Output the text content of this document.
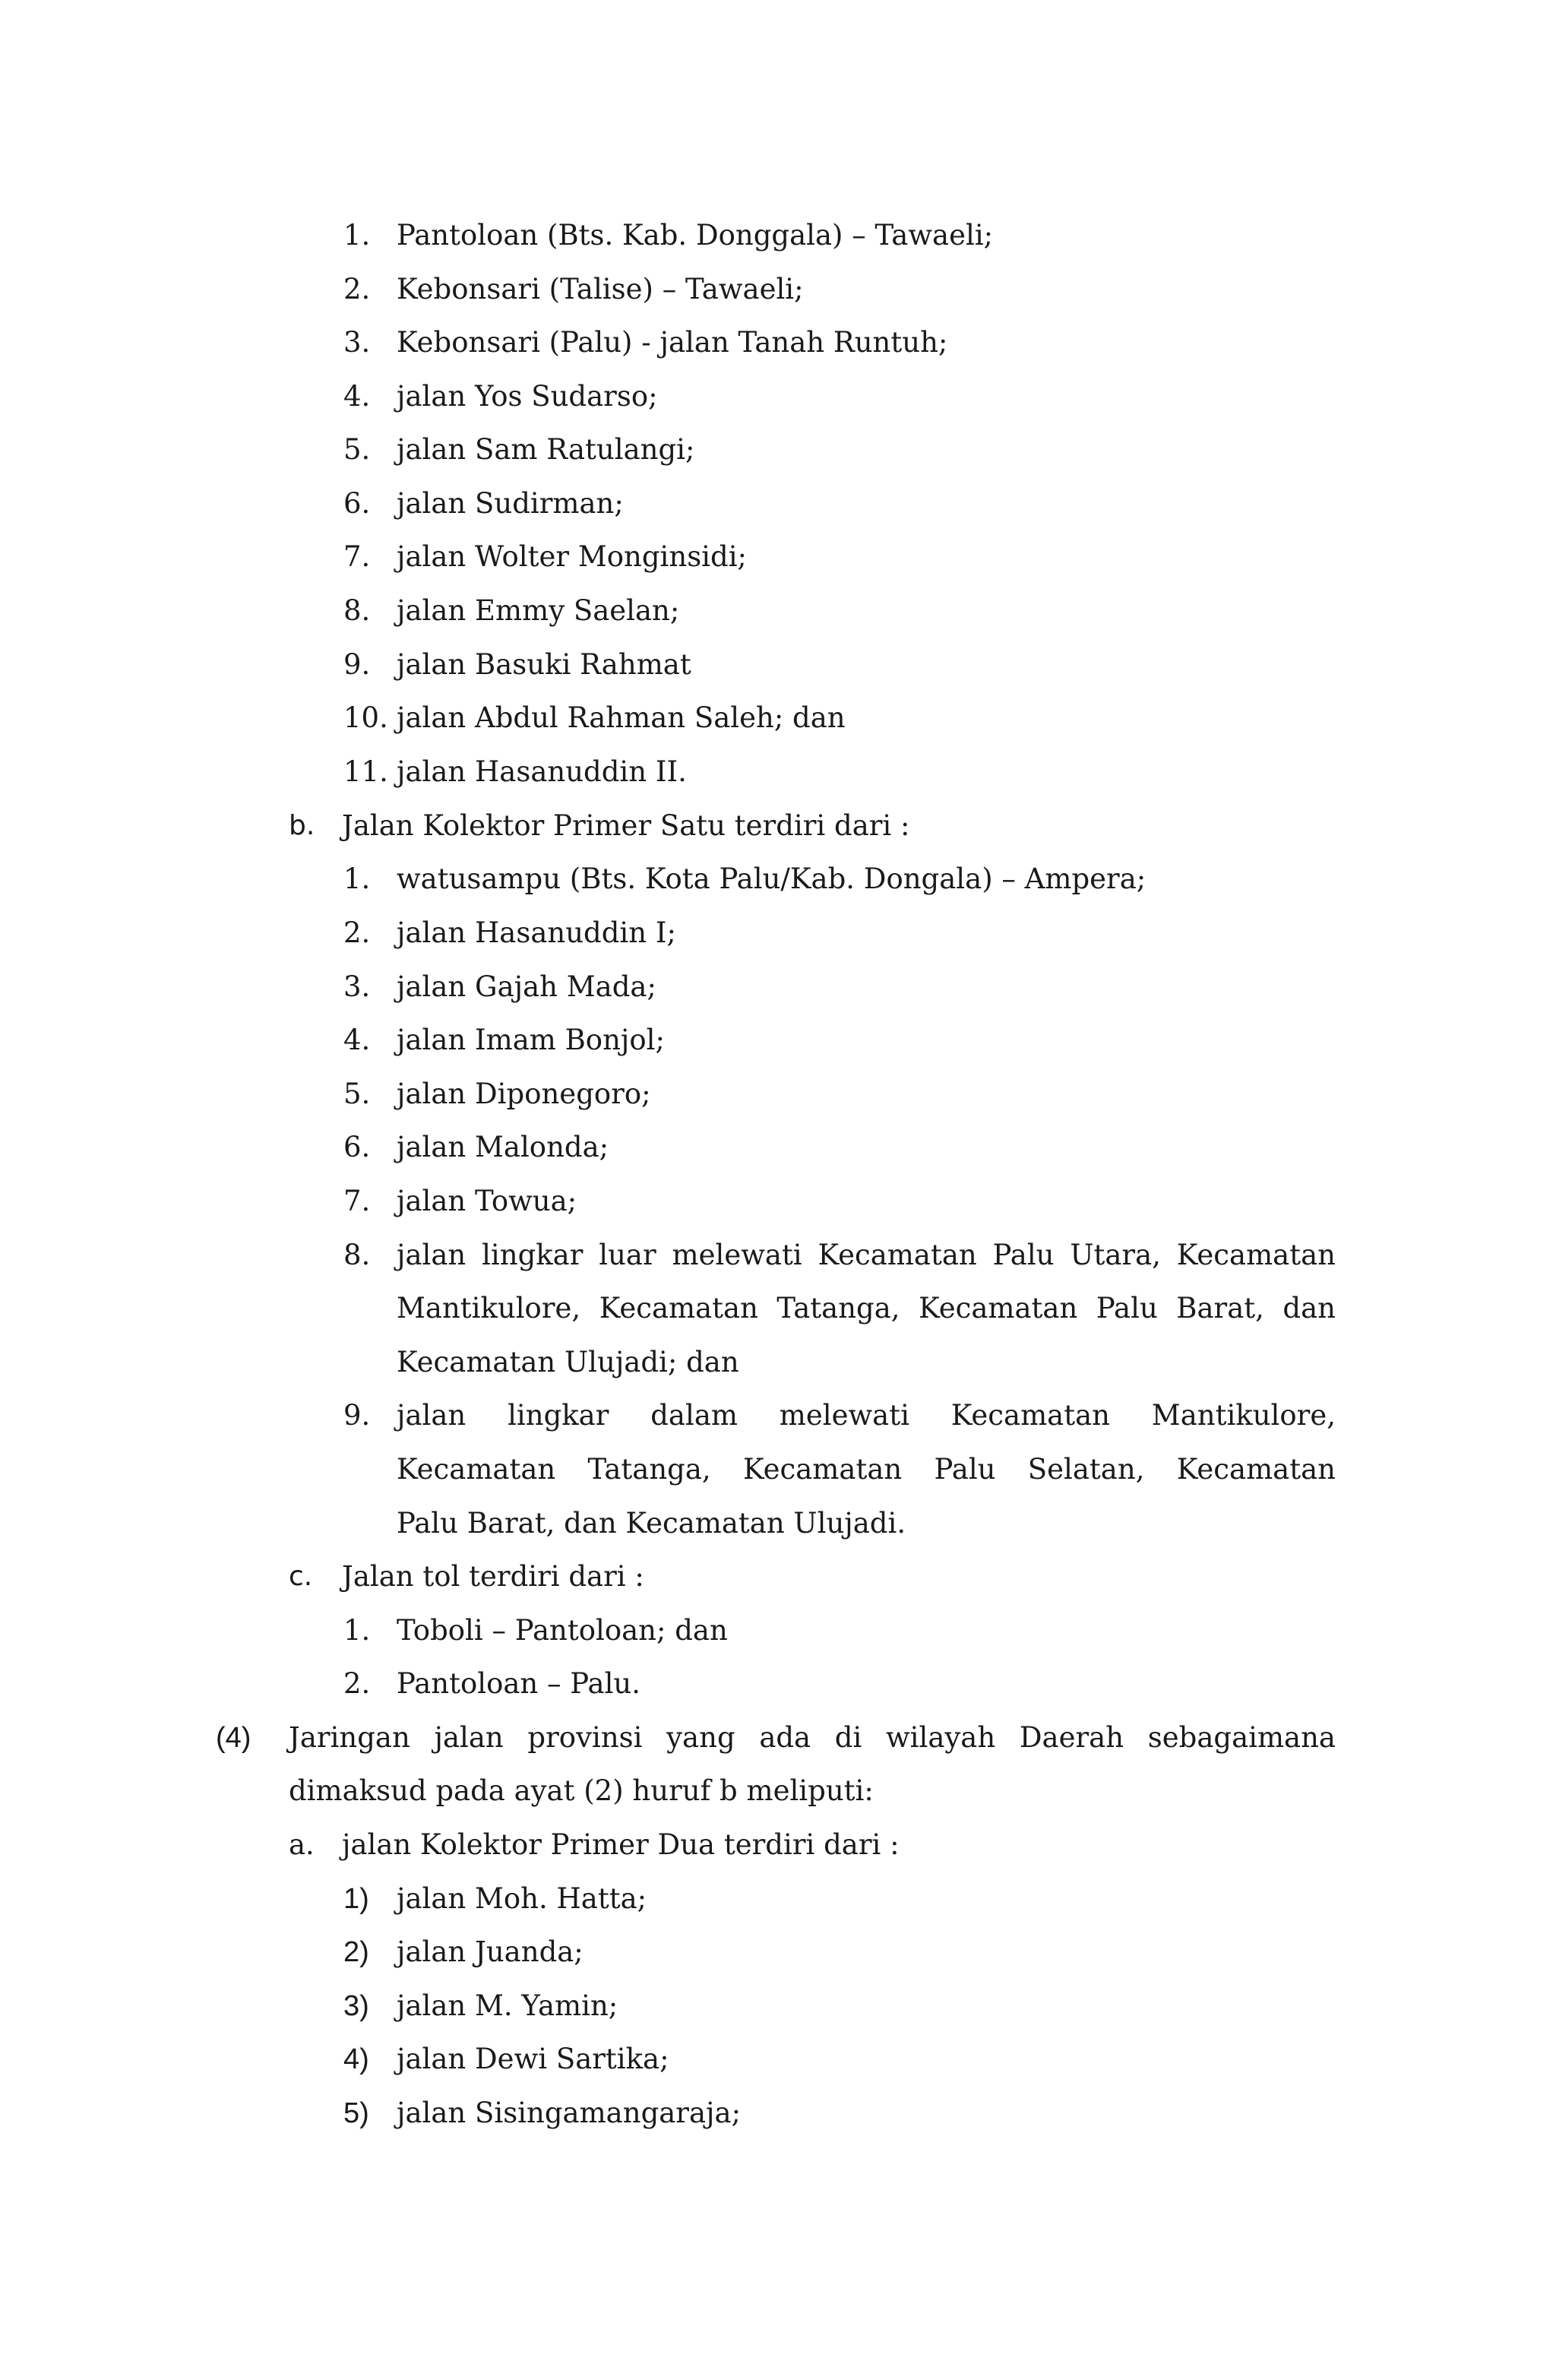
1. Pantoloan (Bts. Kab. Donggala) – Tawaeli;
2. Kebonsari (Talise) – Tawaeli;
3. Kebonsari (Palu) - jalan Tanah Runtuh;
4. jalan Yos Sudarso;
5. jalan Sam Ratulangi;
6. jalan Sudirman;
7. jalan Wolter Monginsidi;
8. jalan Emmy Saelan;
9. jalan Basuki Rahmat
10. jalan Abdul Rahman Saleh; dan
11. jalan Hasanuddin II.
b. Jalan Kolektor Primer Satu terdiri dari :
1. watusampu (Bts. Kota Palu/Kab. Dongala) – Ampera;
2. jalan Hasanuddin I;
3. jalan Gajah Mada;
4. jalan Imam Bonjol;
5. jalan Diponegoro;
6. jalan Malonda;
7. jalan Towua;
8. jalan lingkar luar melewati Kecamatan Palu Utara, Kecamatan
Mantikulore, Kecamatan Tatanga, Kecamatan Palu Barat, dan
Kecamatan Ulujadi; dan
9. jalan lingkar dalam melewati Kecamatan Mantikulore,
Kecamatan Tatanga, Kecamatan Palu Selatan, Kecamatan
Palu Barat, dan Kecamatan Ulujadi.
c. Jalan tol terdiri dari :
1. Toboli – Pantoloan; dan
2. Pantoloan – Palu.
(4) Jaringan jalan provinsi yang ada di wilayah Daerah sebagaimana
dimaksud pada ayat (2) huruf b meliputi:
a. jalan Kolektor Primer Dua terdiri dari :
1) jalan Moh. Hatta;
2) jalan Juanda;
3) jalan M. Yamin;
4) jalan Dewi Sartika;
5) jalan Sisingamangaraja;
